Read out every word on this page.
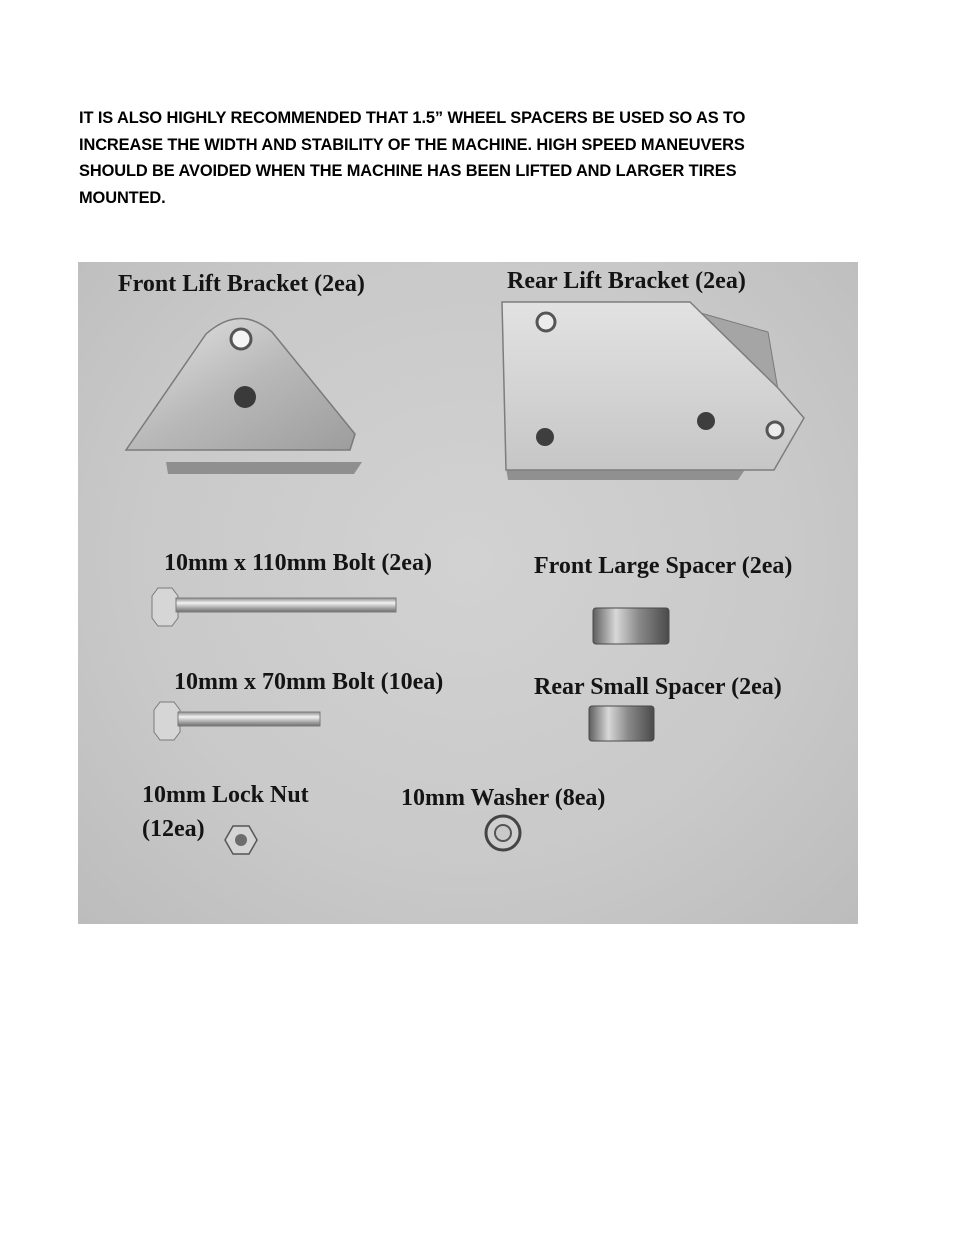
IT IS ALSO HIGHLY RECOMMENDED THAT 1.5” WHEEL SPACERS BE USED SO AS TO
INCREASE THE WIDTH AND STABILITY OF THE MACHINE. HIGH SPEED MANEUVERS
SHOULD BE AVOIDED WHEN THE MACHINE HAS BEEN LIFTED AND LARGER TIRES
MOUNTED.

Front Lift Bracket (2ea)	Rear Lift Bracket (2ea)
10mm x 110mm Bolt (2ea)	Front Large Spacer (2ea)
10mm x 70mm Bolt (10ea)	Rear Small Spacer (2ea)
10mm Lock Nut
(12ea)
10mm Washer (8ea)
